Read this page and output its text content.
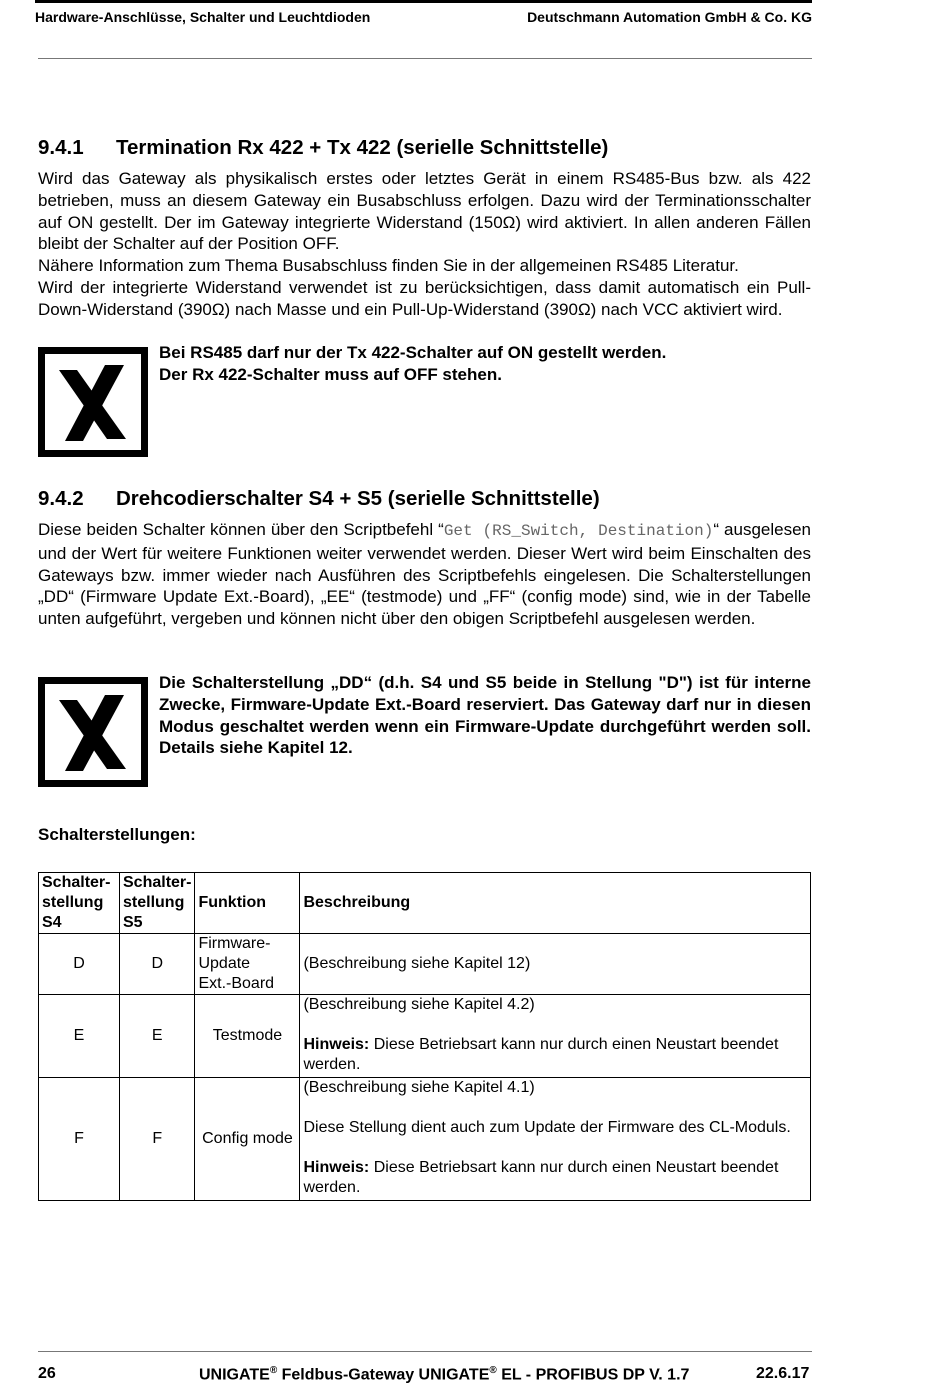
Hardware-Anschlüsse, Schalter und Leuchtdioden	Deutschmann Automation GmbH & Co. KG
9.4.1 Termination Rx 422 + Tx 422 (serielle Schnittstelle)

Wird das Gateway als physikalisch erstes oder letztes Gerät in einem RS485-Bus bzw. als 422 betrieben, muss an diesem Gateway ein Busabschluss erfolgen. Dazu wird der Terminationsschalter auf ON gestellt. Der im Gateway integrierte Widerstand (150Ω) wird aktiviert. In allen anderen Fällen bleibt der Schalter auf der Position OFF.

Nähere Information zum Thema Busabschluss finden Sie in der allgemeinen RS485 Literatur.

Wird der integrierte Widerstand verwendet ist zu berücksichtigen, dass damit automatisch ein Pull-Down-Widerstand (390Ω) nach Masse und ein Pull-Up-Widerstand (390Ω) nach VCC aktiviert wird.

Bei RS485 darf nur der Tx 422-Schalter auf ON gestellt werden.

Der Rx 422-Schalter muss auf OFF stehen.

9.4.2 Drehcodierschalter S4 + S5 (serielle Schnittstelle)

Diese beiden Schalter können über den Scriptbefehl “Get (RS_Switch, Destination)“ ausgelesen und der Wert für weitere Funktionen weiter verwendet werden. Dieser Wert wird beim Einschalten des Gateways bzw. immer wieder nach Ausführen des Scriptbefehls eingelesen. Die Schalterstellungen „DD“ (Firmware Update Ext.-Board), „EE“ (testmode) und „FF“ (config mode) sind, wie in der Tabelle unten aufgeführt, vergeben und können nicht über den obigen Scriptbefehl ausgelesen werden.

Die Schalterstellung „DD“ (d.h. S4 und S5 beide in Stellung "D") ist für interne Zwecke, Firmware-Update Ext.-Board reserviert. Das Gateway darf nur in diesen Modus geschaltet werden wenn ein Firmware-Update durchgeführt werden soll. Details siehe Kapitel 12.

Schalterstellungen:
Schalter-
stellung
S4	Schalter-
stellung
S5	Funktion	Beschreibung
D	D	Firmware-
Update
Ext.-Board	(Beschreibung siehe Kapitel 12)
E	E	Testmode	(Beschreibung siehe Kapitel 4.2)
Hinweis: Diese Betriebsart kann nur durch einen Neustart beendet werden.

F	F	Config mode	(Beschreibung siehe Kapitel 4.1)
Diese Stellung dient auch zum Update der Firmware des CL-Moduls.
Hinweis: Diese Betriebsart kann nur durch einen Neustart beendet werden.
26	UNIGATE® Feldbus-Gateway UNIGATE® EL - PROFIBUS DP V. 1.7	22.6.17
